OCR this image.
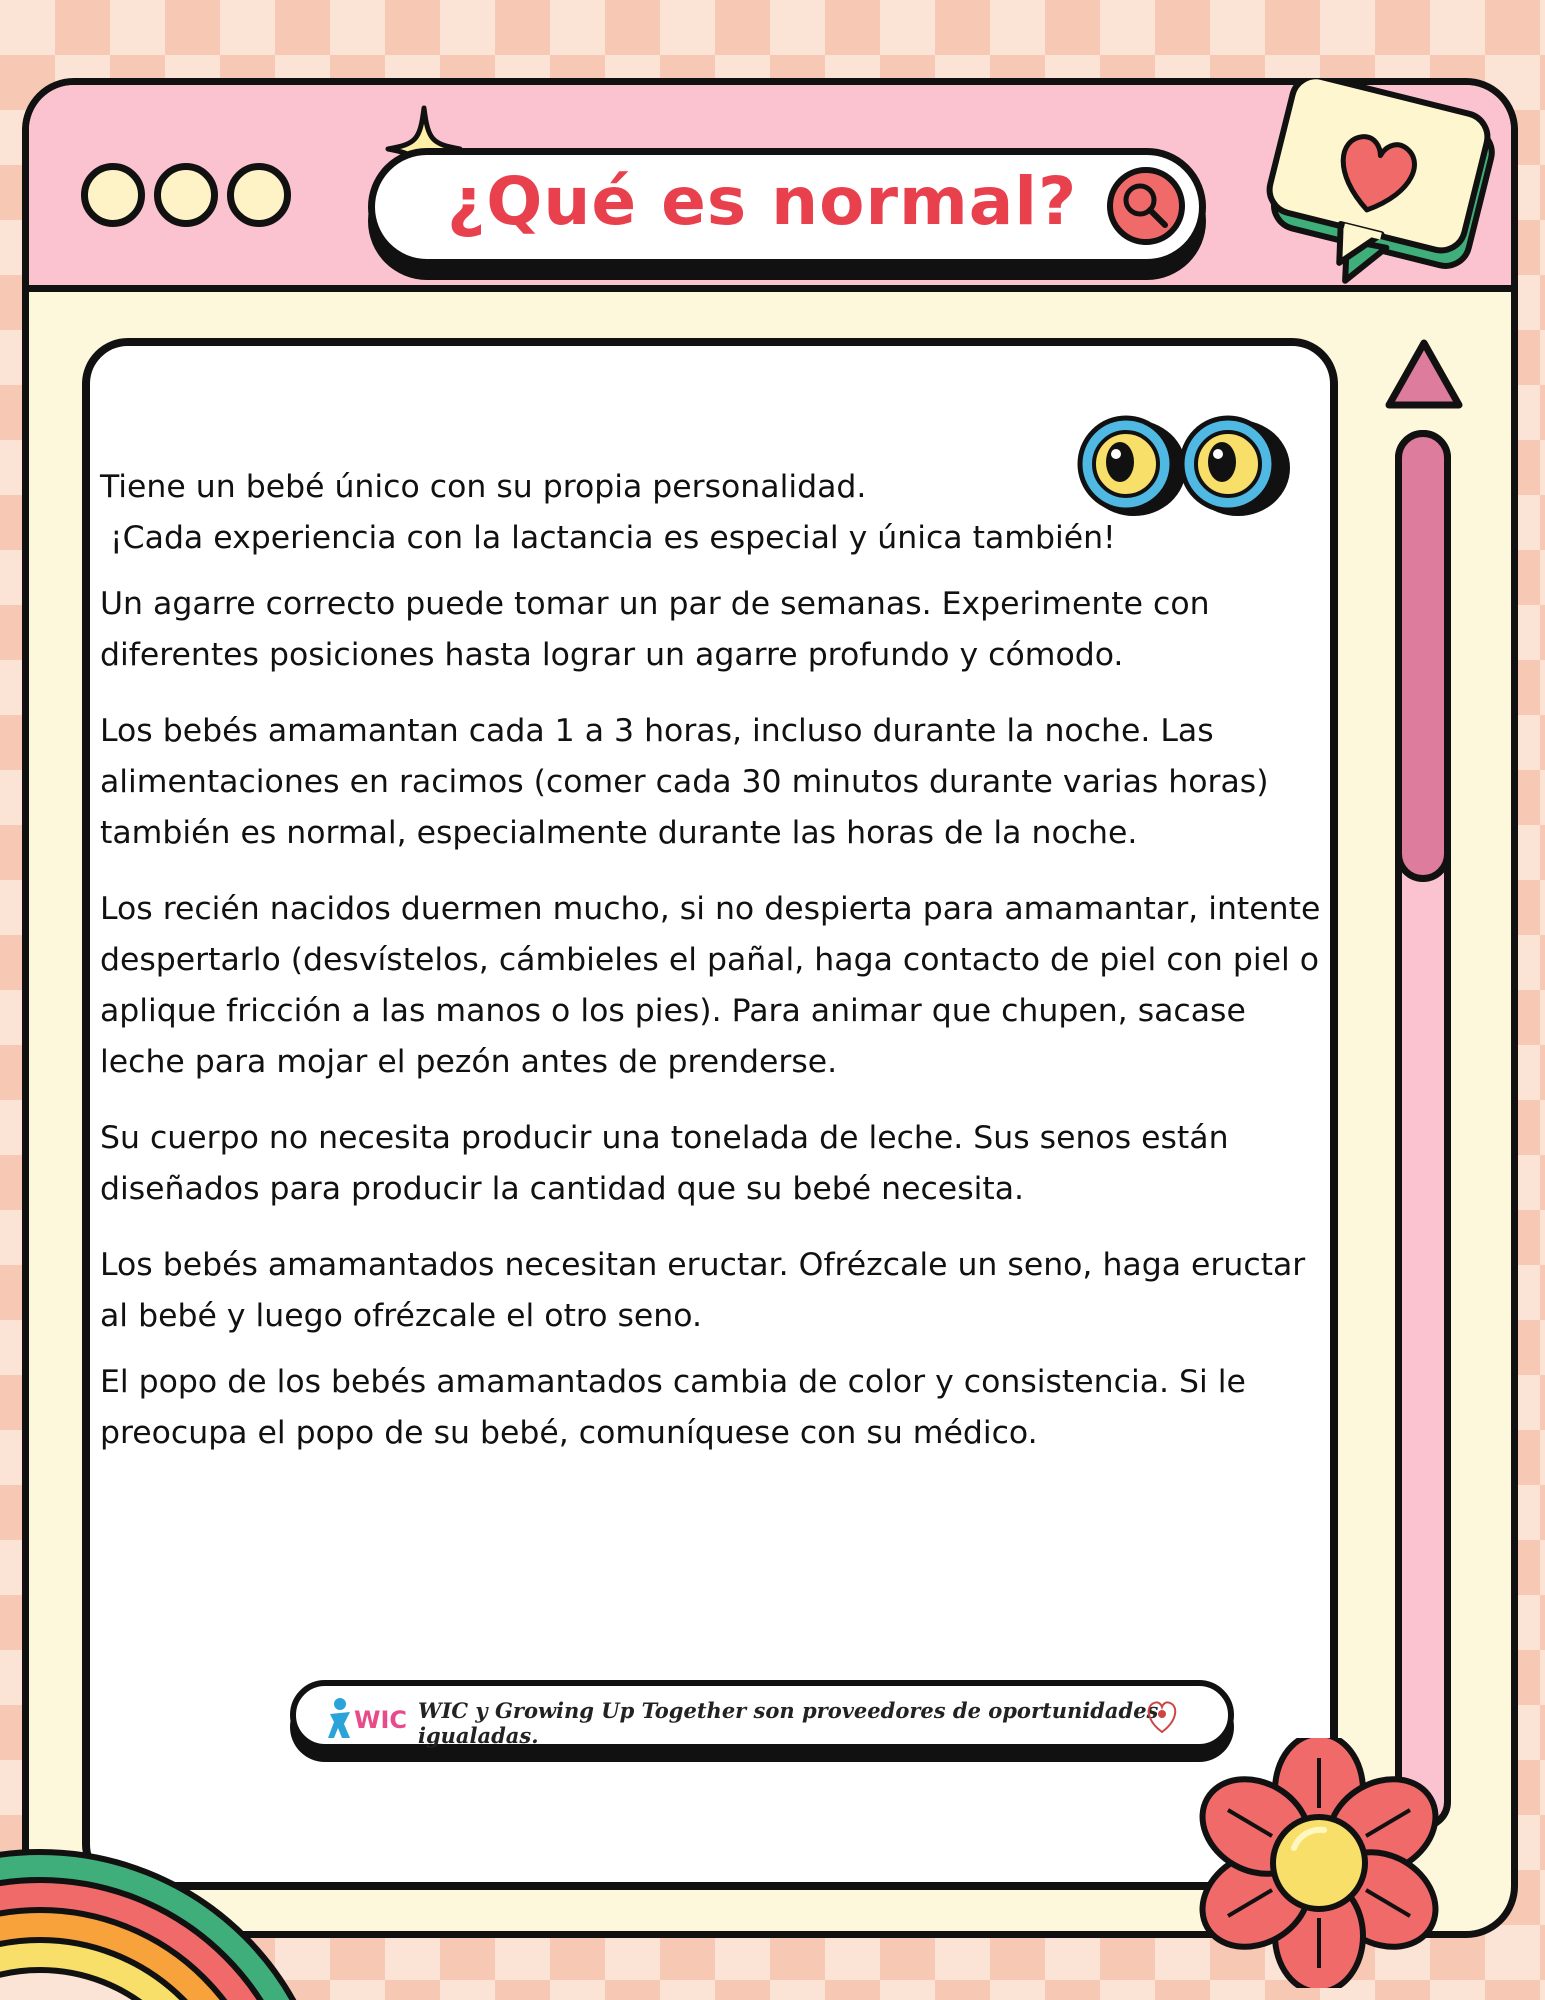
¿Qué es normal?

Tiene un bebé único con su propia personalidad.
¡Cada experiencia con la lactancia es especial y única también!

Un agarre correcto puede tomar un par de semanas. Experimente con diferentes posiciones hasta lograr un agarre profundo y cómodo.

Los bebés amamantan cada 1 a 3 horas, incluso durante la noche. Las alimentaciones en racimos (comer cada 30 minutos durante varias horas) también es normal, especialmente durante las horas de la noche.

Los recién nacidos duermen mucho, si no despierta para amamantar, intente despertarlo (desvístelos, cámbieles el pañal, haga contacto de piel con piel o aplique fricción a las manos o los pies). Para animar que chupen, sacase leche para mojar el pezón antes de prenderse.

Su cuerpo no necesita producir una tonelada de leche. Sus senos están diseñados para producir la cantidad que su bebé necesita.

Los bebés amamantados necesitan eructar. Ofrézcale un seno, haga eructar al bebé y luego ofrézcale el otro seno.

El popo de los bebés amamantados cambia de color y consistencia. Si le preocupa el popo de su bebé, comuníquese con su médico.

WIC WIC y Growing Up Together son proveedores de oportunidades igualadas.
